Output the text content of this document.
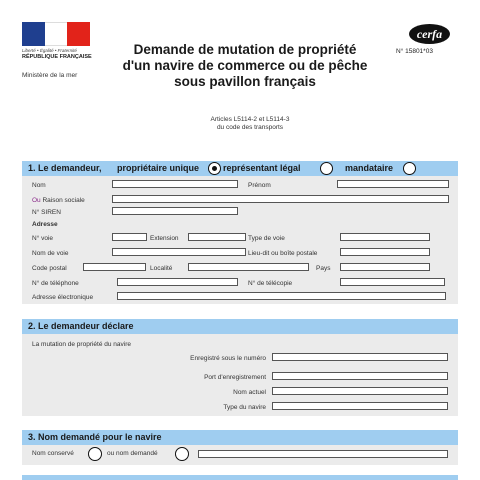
Liberté • Égalité • Fraternité
RÉPUBLIQUE FRANÇAISE
Ministère de la mer
Demande de mutation de propriété
d'un navire de commerce ou de pêche
sous pavillon français
cerfa
N° 15801*03
Articles L5114-2 et L5114-3
du code des transports
1. Le demandeur, propriétaire unique	représentant légal	mandataire
Nom	Prénom
Ou Raison sociale
N° SIREN
Adresse
N° voie	Extension	Type de voie
Nom de voie	Lieu-dit ou boîte postale
Code postal	Localité	Pays
N° de téléphone	N° de télécopie
Adresse électronique
2. Le demandeur déclare
La mutation de propriété du navire
Enregistré sous le numéro
Port d'enregistrement
Nom actuel
Type du navire
3. Nom demandé pour le navire
Nom conservé	ou nom demandé
